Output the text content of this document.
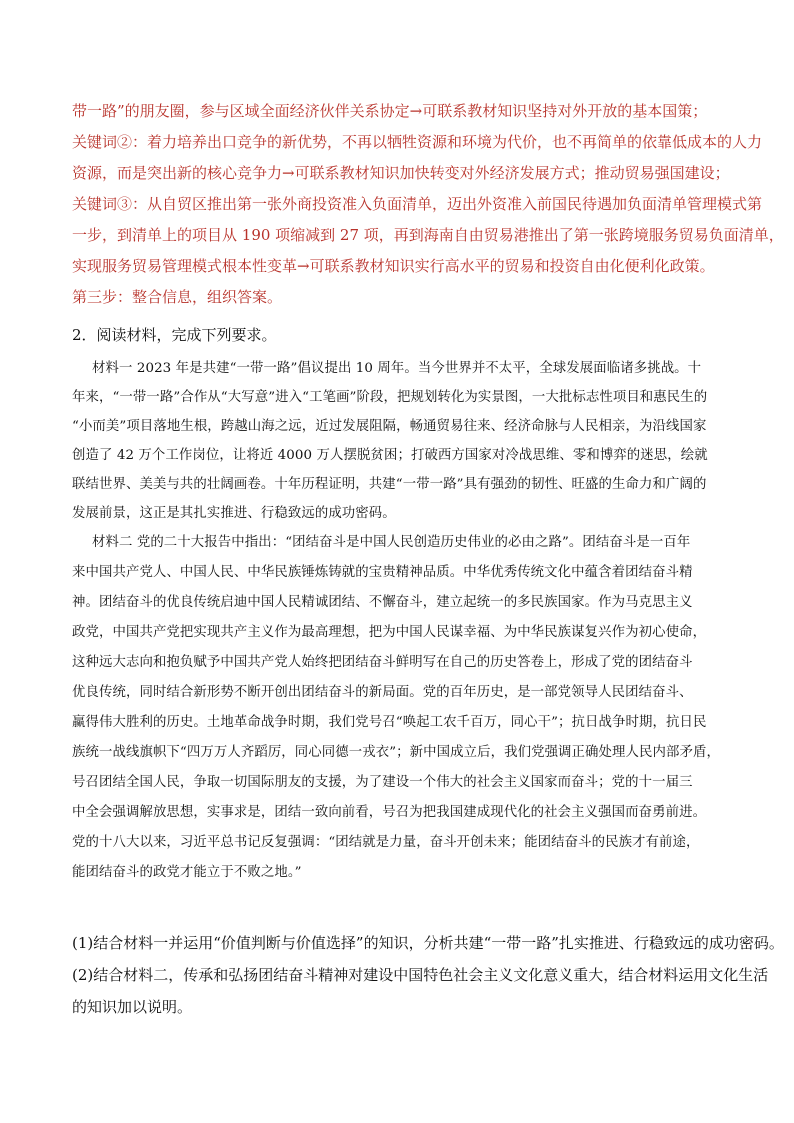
带一路”的朋友圈，参与区域全面经济伙伴关系协定→可联系教材知识坚持对外开放的基本国策；
关键词②：着力培养出口竞争的新优势，不再以牺牲资源和环境为代价，也不再简单的依靠低成本的人力
资源，而是突出新的核心竞争力→可联系教材知识加快转变对外经济发展方式；推动贸易强国建设；
关键词③：从自贸区推出第一张外商投资准入负面清单，迈出外资准入前国民待遇加负面清单管理模式第
一步，到清单上的项目从 190 项缩减到 27 项，再到海南自由贸易港推出了第一张跨境服务贸易负面清单，
实现服务贸易管理模式根本性变革→可联系教材知识实行高水平的贸易和投资自由化便利化政策。
第三步：整合信息，组织答案。
2．阅读材料，完成下列要求。
材料一 2023 年是共建“一带一路”倡议提出 10 周年。当今世界并不太平，全球发展面临诸多挑战。十
年来，“一带一路”合作从“大写意”进入“工笔画”阶段，把规划转化为实景图，一大批标志性项目和惠民生的
“小而美”项目落地生根，跨越山海之远，近过发展阻隔，畅通贸易往来、经济命脉与人民相亲，为沿线国家
创造了 42 万个工作岗位，让将近 4000 万人摆脱贫困；打破西方国家对冷战思维、零和博弈的迷思，绘就
联结世界、美美与共的壮阔画卷。十年历程证明，共建“一带一路”具有强劲的韧性、旺盛的生命力和广阔的
发展前景，这正是其扎实推进、行稳致远的成功密码。
材料二 党的二十大报告中指出：“团结奋斗是中国人民创造历史伟业的必由之路”。团结奋斗是一百年
来中国共产党人、中国人民、中华民族锤炼铸就的宝贵精神品质。中华优秀传统文化中蕴含着团结奋斗精
神。团结奋斗的优良传统启迪中国人民精诚团结、不懈奋斗，建立起统一的多民族国家。作为马克思主义
政党，中国共产党把实现共产主义作为最高理想，把为中国人民谋幸福、为中华民族谋复兴作为初心使命，
这种远大志向和抱负赋予中国共产党人始终把团结奋斗鲜明写在自己的历史答卷上，形成了党的团结奋斗
优良传统，同时结合新形势不断开创出团结奋斗的新局面。党的百年历史，是一部党领导人民团结奋斗、
赢得伟大胜利的历史。土地革命战争时期，我们党号召“唤起工农千百万，同心干”；抗日战争时期，抗日民
族统一战线旗帜下“四万万人齐蹈厉，同心同德一戎衣”；新中国成立后，我们党强调正确处理人民内部矛盾，
号召团结全国人民，争取一切国际朋友的支援，为了建设一个伟大的社会主义国家而奋斗；党的十一届三
中全会强调解放思想，实事求是，团结一致向前看，号召为把我国建成现代化的社会主义强国而奋勇前进。
党的十八大以来，习近平总书记反复强调：“团结就是力量，奋斗开创未来；能团结奋斗的民族才有前途，
能团结奋斗的政党才能立于不败之地。”
(1)结合材料一并运用“价值判断与价值选择”的知识，分析共建“一带一路”扎实推进、行稳致远的成功密码。
(2)结合材料二，传承和弘扬团结奋斗精神对建设中国特色社会主义文化意义重大，结合材料运用文化生活
的知识加以说明。
